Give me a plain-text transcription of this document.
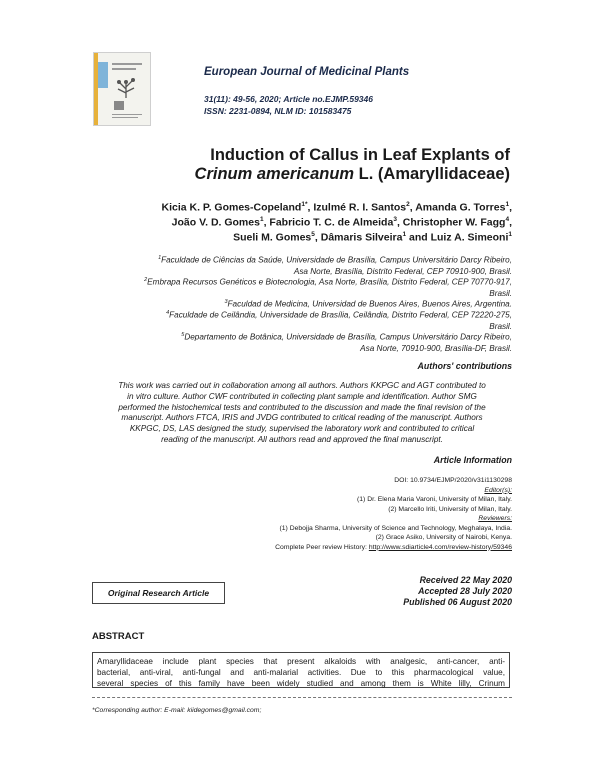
European Journal of Medicinal Plants
31(11): 49-56, 2020; Article no.EJMP.59346
ISSN: 2231-0894, NLM ID: 101583475
Induction of Callus in Leaf Explants of
Crinum americanum L. (Amaryllidaceae)
Kicia K. P. Gomes-Copeland$^{1*}$, Izulmé R. I. Santos$^2$, Amanda G. Torres$^1$,
João V. D. Gomes$^1$, Fabricio T. C. de Almeida$^3$, Christopher W. Fagg$^4$,
Sueli M. Gomes$^5$, Dâmaris Silveira$^1$ and Luiz A. Simeoni$^1$
$^1$Faculdade de Ciências da Saúde, Universidade de Brasília, Campus Universitário Darcy Ribeiro,
Asa Norte, Brasília, Distrito Federal, CEP 70910-900, Brasil.
$^2$Embrapa Recursos Genéticos e Biotecnologia, Asa Norte, Brasília, Distrito Federal, CEP 70770-917,
Brasil.
$^3$Faculdad de Medicina, Universidad de Buenos Aires, Buenos Aires, Argentina.
$^4$Faculdade de Ceilândia, Universidade de Brasília, Ceilândia, Distrito Federal, CEP 72220-275,
Brasil.
$^5$Departamento de Botânica, Universidade de Brasília, Campus Universitário Darcy Ribeiro,
Asa Norte, 70910-900, Brasília-DF, Brasil.
Authors' contributions
This work was carried out in collaboration among all authors. Authors KKPGC and AGT contributed to
in vitro culture. Author CWF contributed in collecting plant sample and identification. Author SMG
performed the histochemical tests and contributed to the discussion and made the final revision of the
manuscript. Authors FTCA, IRIS and JVDG contributed to critical reading of the manuscript. Authors
KKPGC, DS, LAS designed the study, supervised the laboratory work and contributed to critical
reading of the manuscript. All authors read and approved the final manuscript.
Article Information
DOI: 10.9734/EJMP/2020/v31i1130298
Editor(s):
(1) Dr. Elena Maria Varoni, University of Milan, Italy.
(2) Marcello Iriti, University of Milan, Italy.
Reviewers:
(1) Debojja Sharma, University of Science and Technology, Meghalaya, India.
(2) Grace Asiko, University of Nairobi, Kenya.
Complete Peer review History: http://www.sdiarticle4.com/review-history/59346
Original Research Article
Received 22 May 2020
Accepted 28 July 2020
Published 06 August 2020
ABSTRACT
Amaryllidaceae include plant species that present alkaloids with analgesic, anti-cancer, anti-
bacterial, anti-viral, anti-fungal and anti-malarial activities. Due to this pharmacological value,
several species of this family have been widely studied and among them is White lilly, Crinum
*Corresponding author: E-mail: kiidegomes@gmail.com;
